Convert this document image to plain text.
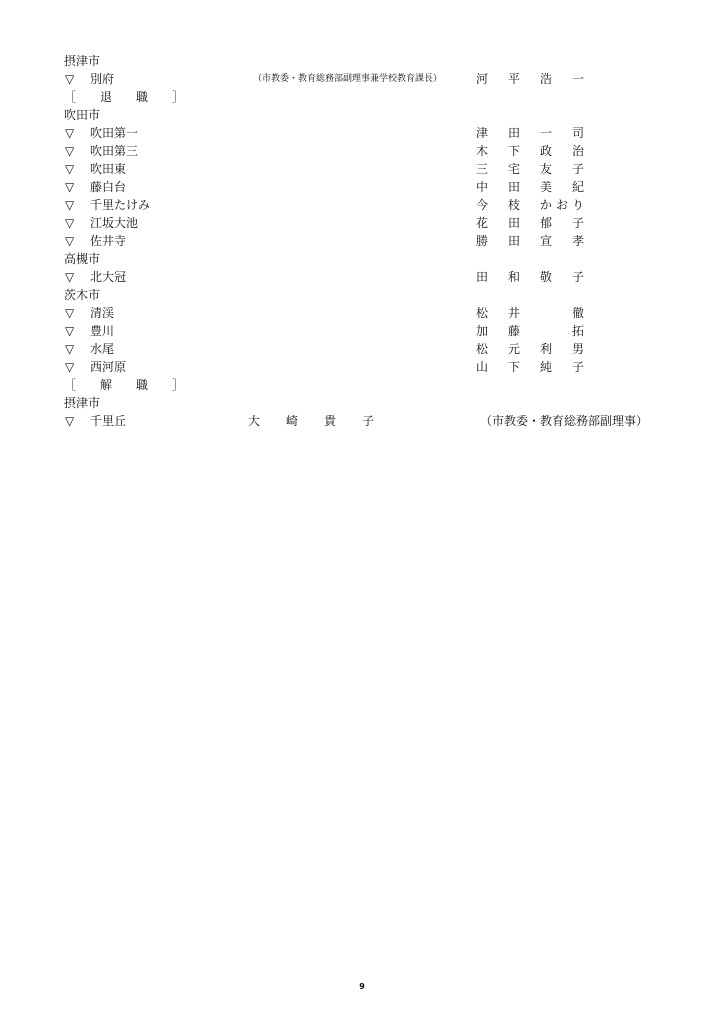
摂津市
▽ 別府	（市教委・教育総務部副理事兼学校教育課長）	河　平　浩　一
［　退　職　］
吹田市
▽ 吹田第一	津　田　一　司
▽ 吹田第三	木　下　政　治
▽ 吹田東	三　宅　友　子
▽ 藤白台	中　田　美　紀
▽ 千里たけみ	今　枝　かおり
▽ 江坂大池	花　田　郁　子
▽ 佐井寺	勝　田　宣　孝
高槻市
▽ 北大冠	田　和　敬　子
茨木市
▽ 清渓	松　井　　　徹
▽ 豊川	加　藤　　　拓
▽ 水尾	松　元　利　男
▽ 西河原	山　下　純　子
［　解　職　］
摂津市
▽ 千里丘	大　崎　貴　子	（市教委・教育総務部副理事）
9
